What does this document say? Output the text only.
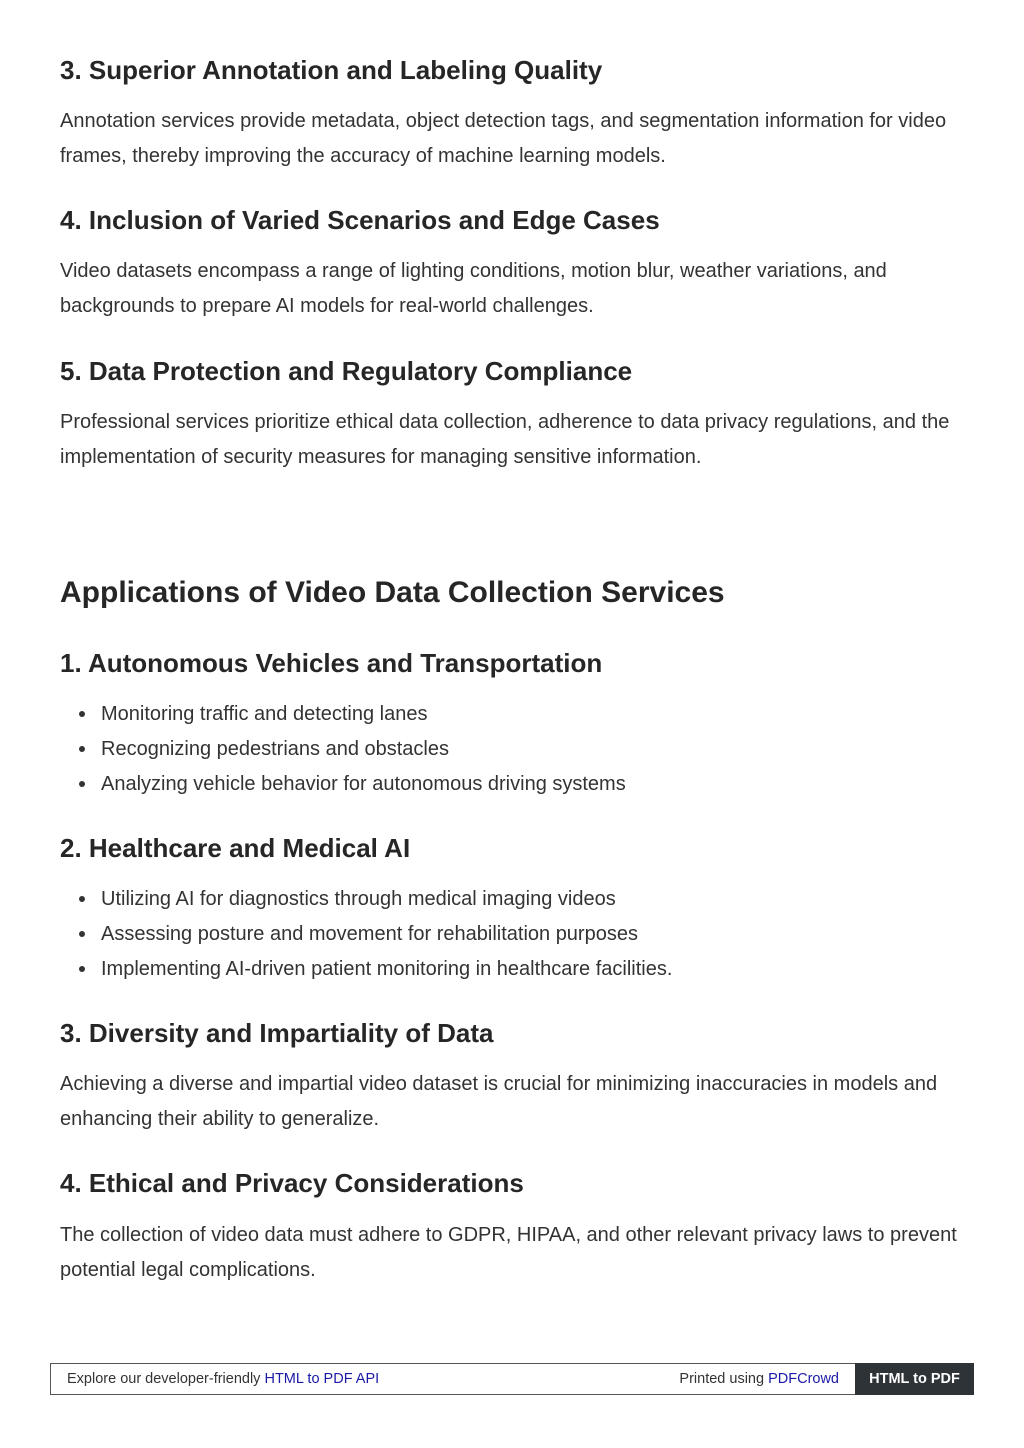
3. Superior Annotation and Labeling Quality

Annotation services provide metadata, object detection tags, and segmentation information for video frames, thereby improving the accuracy of machine learning models.

4. Inclusion of Varied Scenarios and Edge Cases

Video datasets encompass a range of lighting conditions, motion blur, weather variations, and backgrounds to prepare AI models for real-world challenges.

5. Data Protection and Regulatory Compliance

Professional services prioritize ethical data collection, adherence to data privacy regulations, and the implementation of security measures for managing sensitive information.

Applications of Video Data Collection Services
1. Autonomous Vehicles and Transportation
Monitoring traffic and detecting lanes
Recognizing pedestrians and obstacles
Analyzing vehicle behavior for autonomous driving systems
2. Healthcare and Medical AI
Utilizing AI for diagnostics through medical imaging videos
Assessing posture and movement for rehabilitation purposes
Implementing AI-driven patient monitoring in healthcare facilities.
3. Diversity and Impartiality of Data

Achieving a diverse and impartial video dataset is crucial for minimizing inaccuracies in models and enhancing their ability to generalize.

4. Ethical and Privacy Considerations

The collection of video data must adhere to GDPR, HIPAA, and other relevant privacy laws to prevent potential legal complications.

Explore our developer-friendly HTML to PDF API	Printed using PDFCrowd	HTML to PDF
